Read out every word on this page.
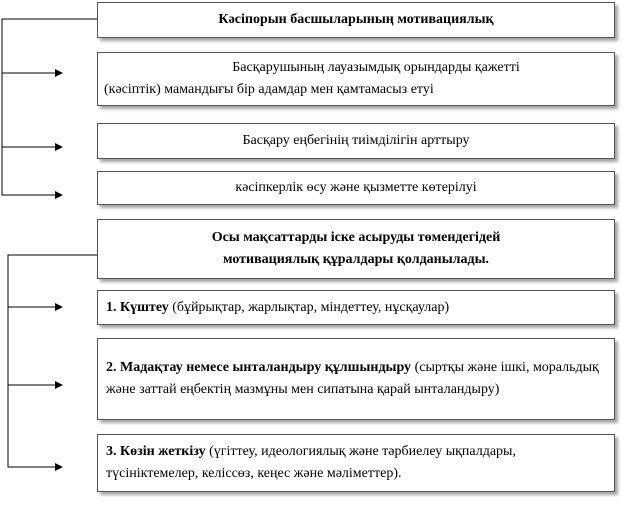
Кәсіпорын басшыларының мотивациялық
Басқарушының лауазымдық орындарды қажетті
(кәсіптік) мамандығы бір адамдар мен қамтамасыз етуі
Басқару еңбегінің тиімділігін арттыру
кәсіпкерлік өсу және қызметте көтерілуі
Осы мақсаттарды іске асыруды төмендегідей
мотивациялық құралдары қолданылады.
1. Күштеу (бұйрықтар, жарлықтар, міндеттеу, нұсқаулар)
2. Мадақтау немесе ынталандыру құлшындыру (сыртқы және ішкі, моральдық және заттай еңбектің мазмұны мен сипатына қарай ынталандыру)
3. Көзін жеткізу (үгіттеу, идеологиялық және тәрбиелеу ықпалдары, түсініктемелер, келіссөз, кеңес және мәліметтер).
